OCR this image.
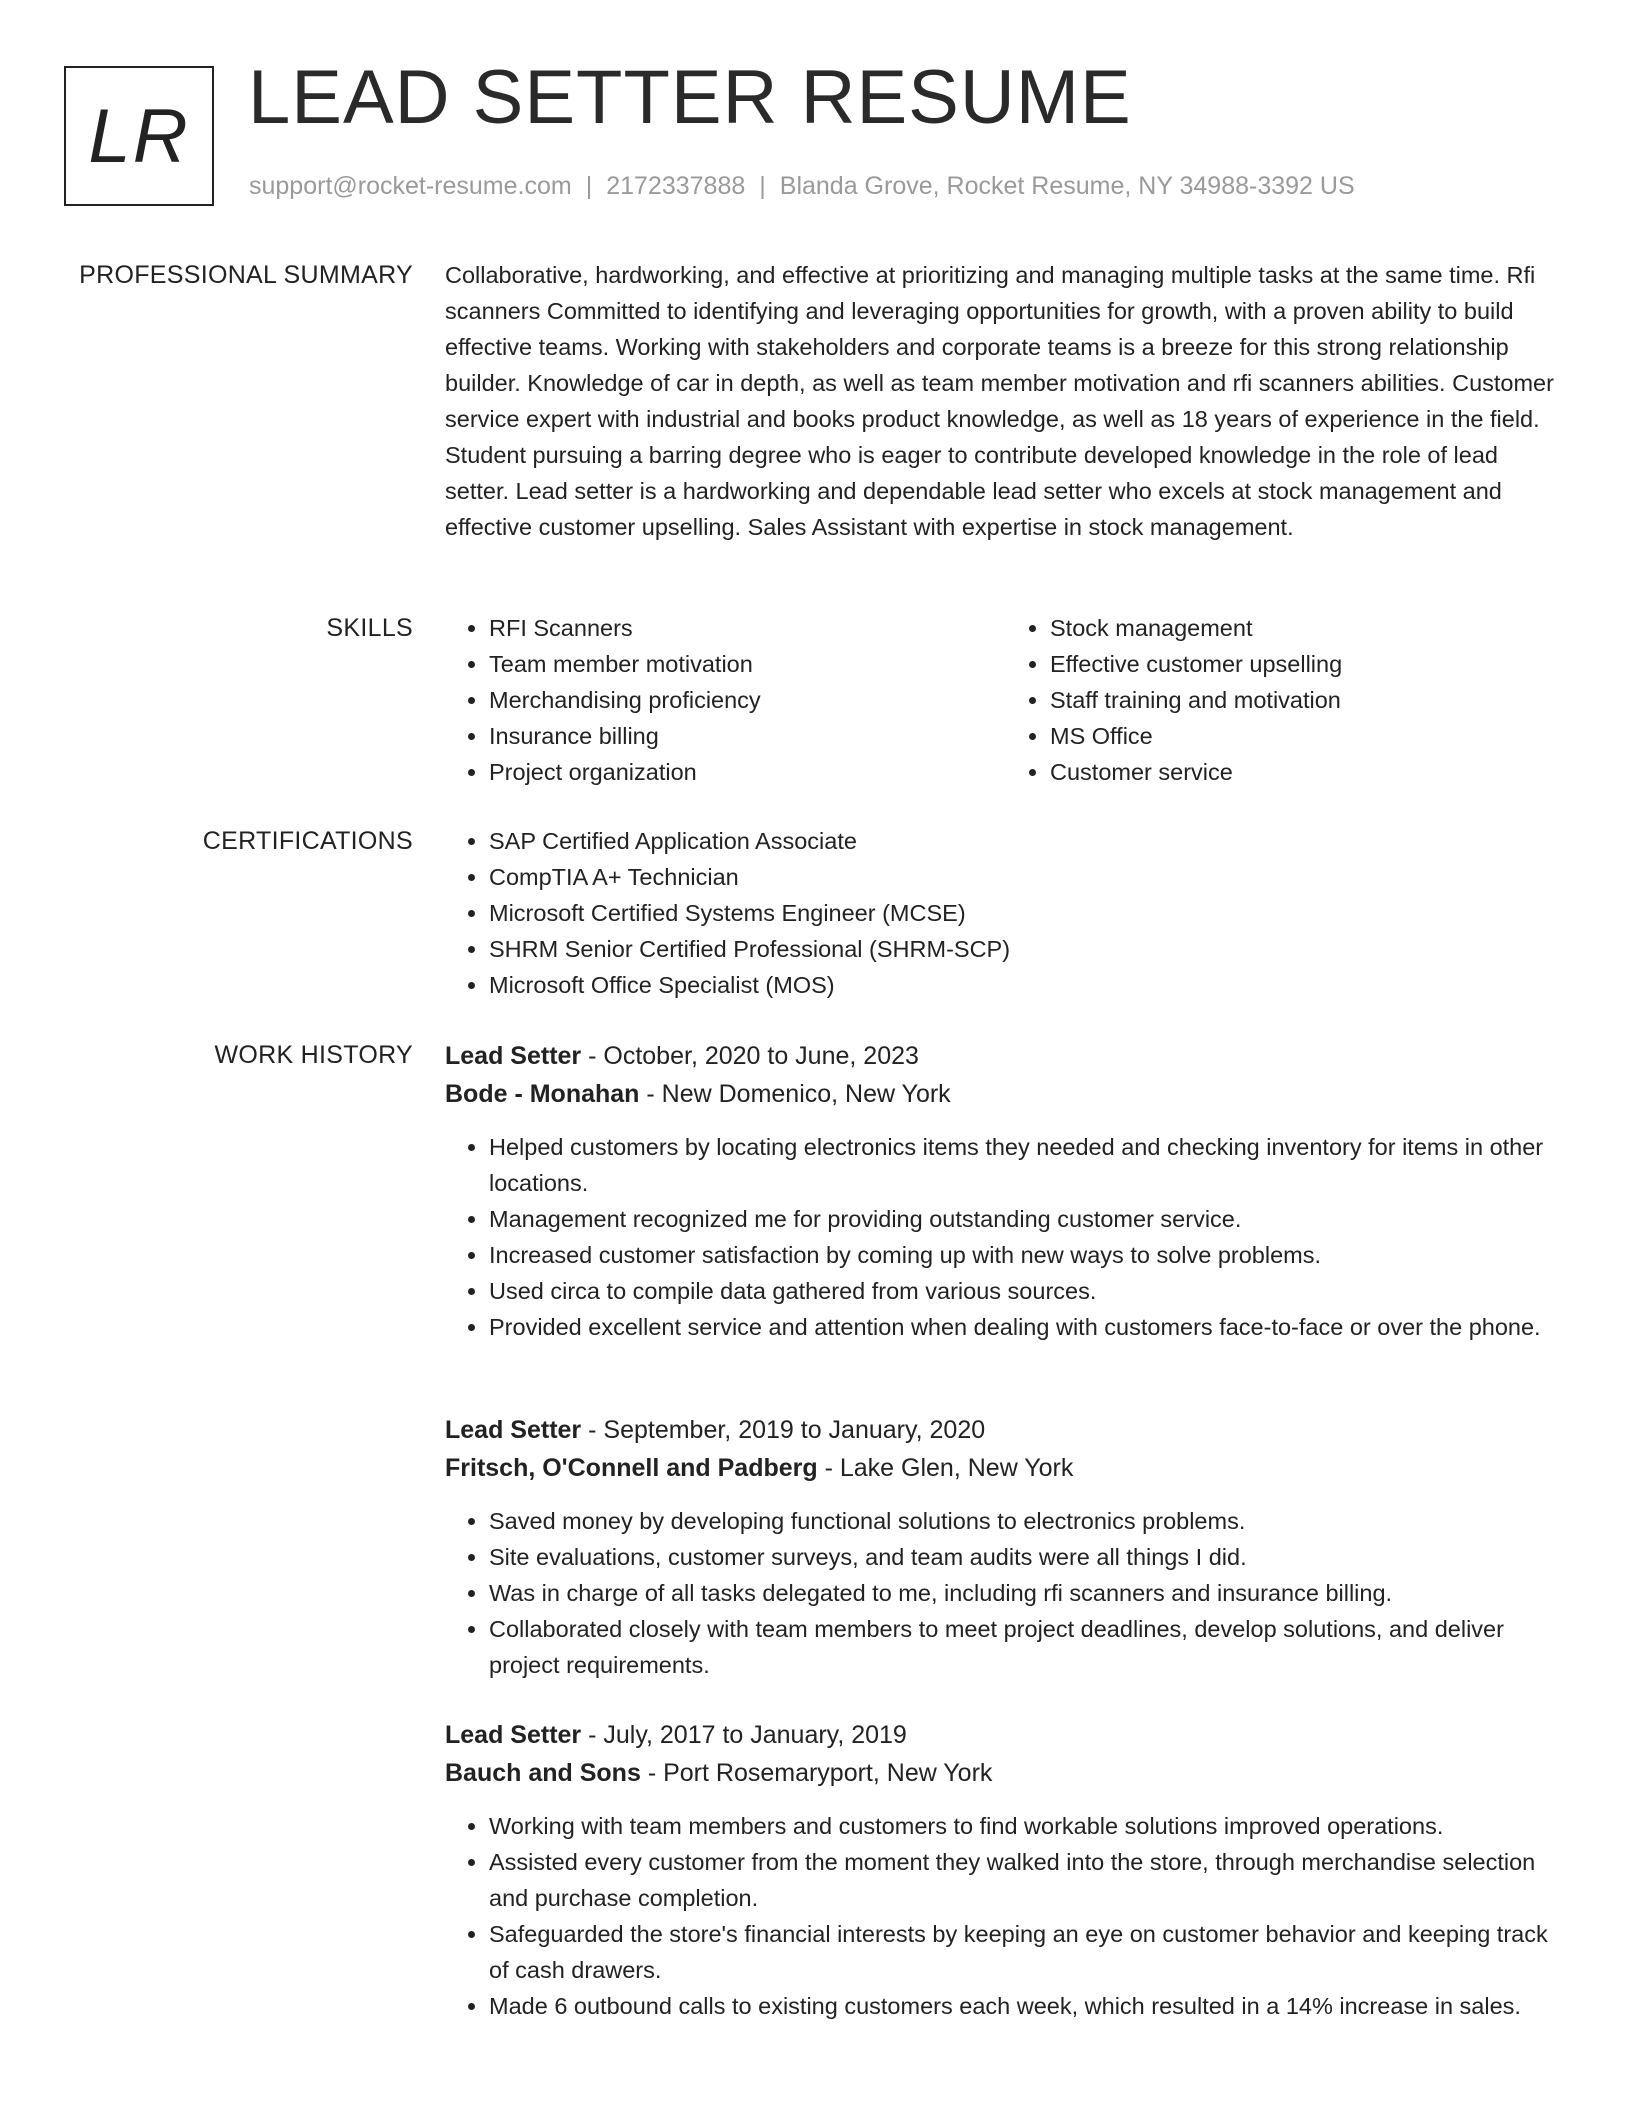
LR LEAD SETTER RESUME
support@rocket-resume.com | 2172337888 | Blanda Grove, Rocket Resume, NY 34988-3392 US
PROFESSIONAL SUMMARY Collaborative, hardworking, and effective at prioritizing and managing multiple tasks at the same time. Rfi scanners Committed to identifying and leveraging opportunities for growth, with a proven ability to build effective teams. Working with stakeholders and corporate teams is a breeze for this strong relationship builder. Knowledge of car in depth, as well as team member motivation and rfi scanners abilities. Customer service expert with industrial and books product knowledge, as well as 18 years of experience in the field. Student pursuing a barring degree who is eager to contribute developed knowledge in the role of lead setter. Lead setter is a hardworking and dependable lead setter who excels at stock management and effective customer upselling. Sales Assistant with expertise in stock management.

SKILLS	• RFI Scanners
• Team member motivation
• Merchandising proficiency
• Insurance billing
• Project organization
• Stock management
• Effective customer upselling
• Staff training and motivation
• MS Office
• Customer service
CERTIFICATIONS	• SAP Certified Application Associate
• CompTIA A+ Technician
• Microsoft Certified Systems Engineer (MCSE)
• SHRM Senior Certified Professional (SHRM-SCP)
• Microsoft Office Specialist (MOS)
WORK HISTORY Lead Setter - October, 2020 to June, 2023
Bode - Monahan - New Domenico, New York
• Helped customers by locating electronics items they needed and checking inventory for items in other locations.
• Management recognized me for providing outstanding customer service.
• Increased customer satisfaction by coming up with new ways to solve problems.
• Used circa to compile data gathered from various sources.
• Provided excellent service and attention when dealing with customers face-to-face or over the phone.
Lead Setter - September, 2019 to January, 2020
Fritsch, O'Connell and Padberg - Lake Glen, New York
• Saved money by developing functional solutions to electronics problems.
• Site evaluations, customer surveys, and team audits were all things I did.
• Was in charge of all tasks delegated to me, including rfi scanners and insurance billing.
• Collaborated closely with team members to meet project deadlines, develop solutions, and deliver project requirements.
Lead Setter - July, 2017 to January, 2019
Bauch and Sons - Port Rosemaryport, New York
• Working with team members and customers to find workable solutions improved operations.
• Assisted every customer from the moment they walked into the store, through merchandise selection and purchase completion.
• Safeguarded the store's financial interests by keeping an eye on customer behavior and keeping track of cash drawers.
• Made 6 outbound calls to existing customers each week, which resulted in a 14% increase in sales.
